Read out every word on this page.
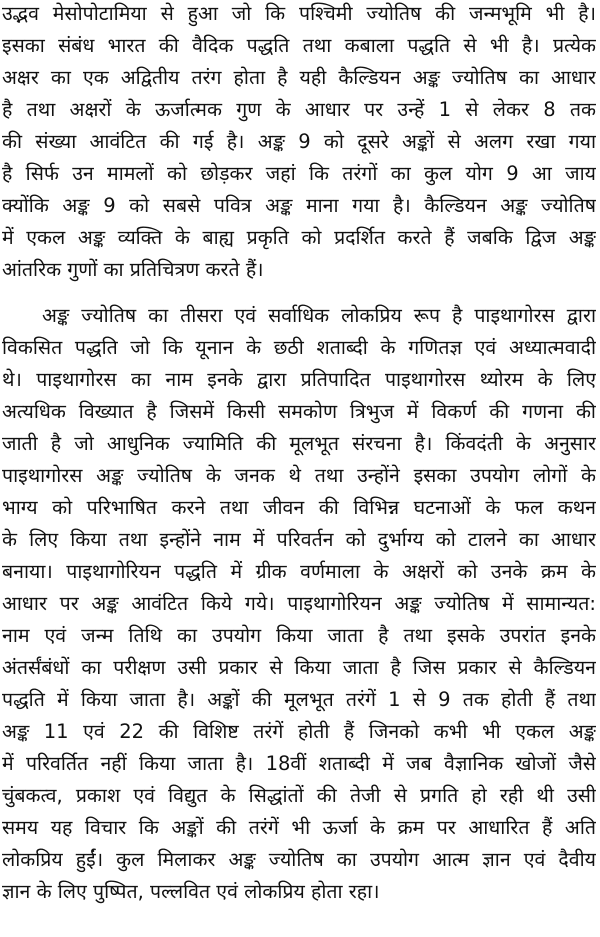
उद्भव मेसोपोटामिया से हुआ जो कि पश्चिमी ज्योतिष की जन्मभूमि भी है।
इसका संबंध भारत की वैदिक पद्धति तथा कबाला पद्धति से भी है। प्रत्येक
अक्षर का एक अद्वितीय तरंग होता है यही कैल्डियन अङ्क ज्योतिष का आधार
है तथा अक्षरों के ऊर्जात्मक गुण के आधार पर उन्हें 1 से लेकर 8 तक
की संख्या आवंटित की गई है। अङ्क 9 को दूसरे अङ्कों से अलग रखा गया
है सिर्फ उन मामलों को छोड़कर जहां कि तरंगों का कुल योग 9 आ जाय
क्योंकि अङ्क 9 को सबसे पवित्र अङ्क माना गया है। कैल्डियन अङ्क ज्योतिष
में एकल अङ्क व्यक्ति के बाह्य प्रकृति को प्रदर्शित करते हैं जबकि द्विज अङ्क
आंतरिक गुणों का प्रतिचित्रण करते हैं।
अङ्क ज्योतिष का तीसरा एवं सर्वाधिक लोकप्रिय रूप है पाइथागोरस द्वारा
विकसित पद्धति जो कि यूनान के छठी शताब्दी के गणितज्ञ एवं अध्यात्मवादी
थे। पाइथागोरस का नाम इनके द्वारा प्रतिपादित पाइथागोरस थ्योरम के लिए
अत्यधिक विख्यात है जिसमें किसी समकोण त्रिभुज में विकर्ण की गणना की
जाती है जो आधुनिक ज्यामिति की मूलभूत संरचना है। किंवदंती के अनुसार
पाइथागोरस अङ्क ज्योतिष के जनक थे तथा उन्होंने इसका उपयोग लोगों के
भाग्य को परिभाषित करने तथा जीवन की विभिन्न घटनाओं के फल कथन
के लिए किया तथा इन्होंने नाम में परिवर्तन को दुर्भाग्य को टालने का आधार
बनाया। पाइथागोरियन पद्धति में ग्रीक वर्णमाला के अक्षरों को उनके क्रम के
आधार पर अङ्क आवंटित किये गये। पाइथागोरियन अङ्क ज्योतिष में सामान्यत:
नाम एवं जन्म तिथि का उपयोग किया जाता है तथा इसके उपरांत इनके
अंतर्संबंधों का परीक्षण उसी प्रकार से किया जाता है जिस प्रकार से कैल्डियन
पद्धति में किया जाता है। अङ्कों की मूलभूत तरंगें 1 से 9 तक होती हैं तथा
अङ्क 11 एवं 22 की विशिष्ट तरंगें होती हैं जिनको कभी भी एकल अङ्क
में परिवर्तित नहीं किया जाता है। 18वीं शताब्दी में जब वैज्ञानिक खोजों जैसे
चुंबकत्व, प्रकाश एवं विद्युत के सिद्धांतों की तेजी से प्रगति हो रही थी उसी
समय यह विचार कि अङ्कों की तरंगें भी ऊर्जा के क्रम पर आधारित हैं अति
लोकप्रिय हुईं। कुल मिलाकर अङ्क ज्योतिष का उपयोग आत्म ज्ञान एवं दैवीय
ज्ञान के लिए पुष्पित, पल्लवित एवं लोकप्रिय होता रहा।
